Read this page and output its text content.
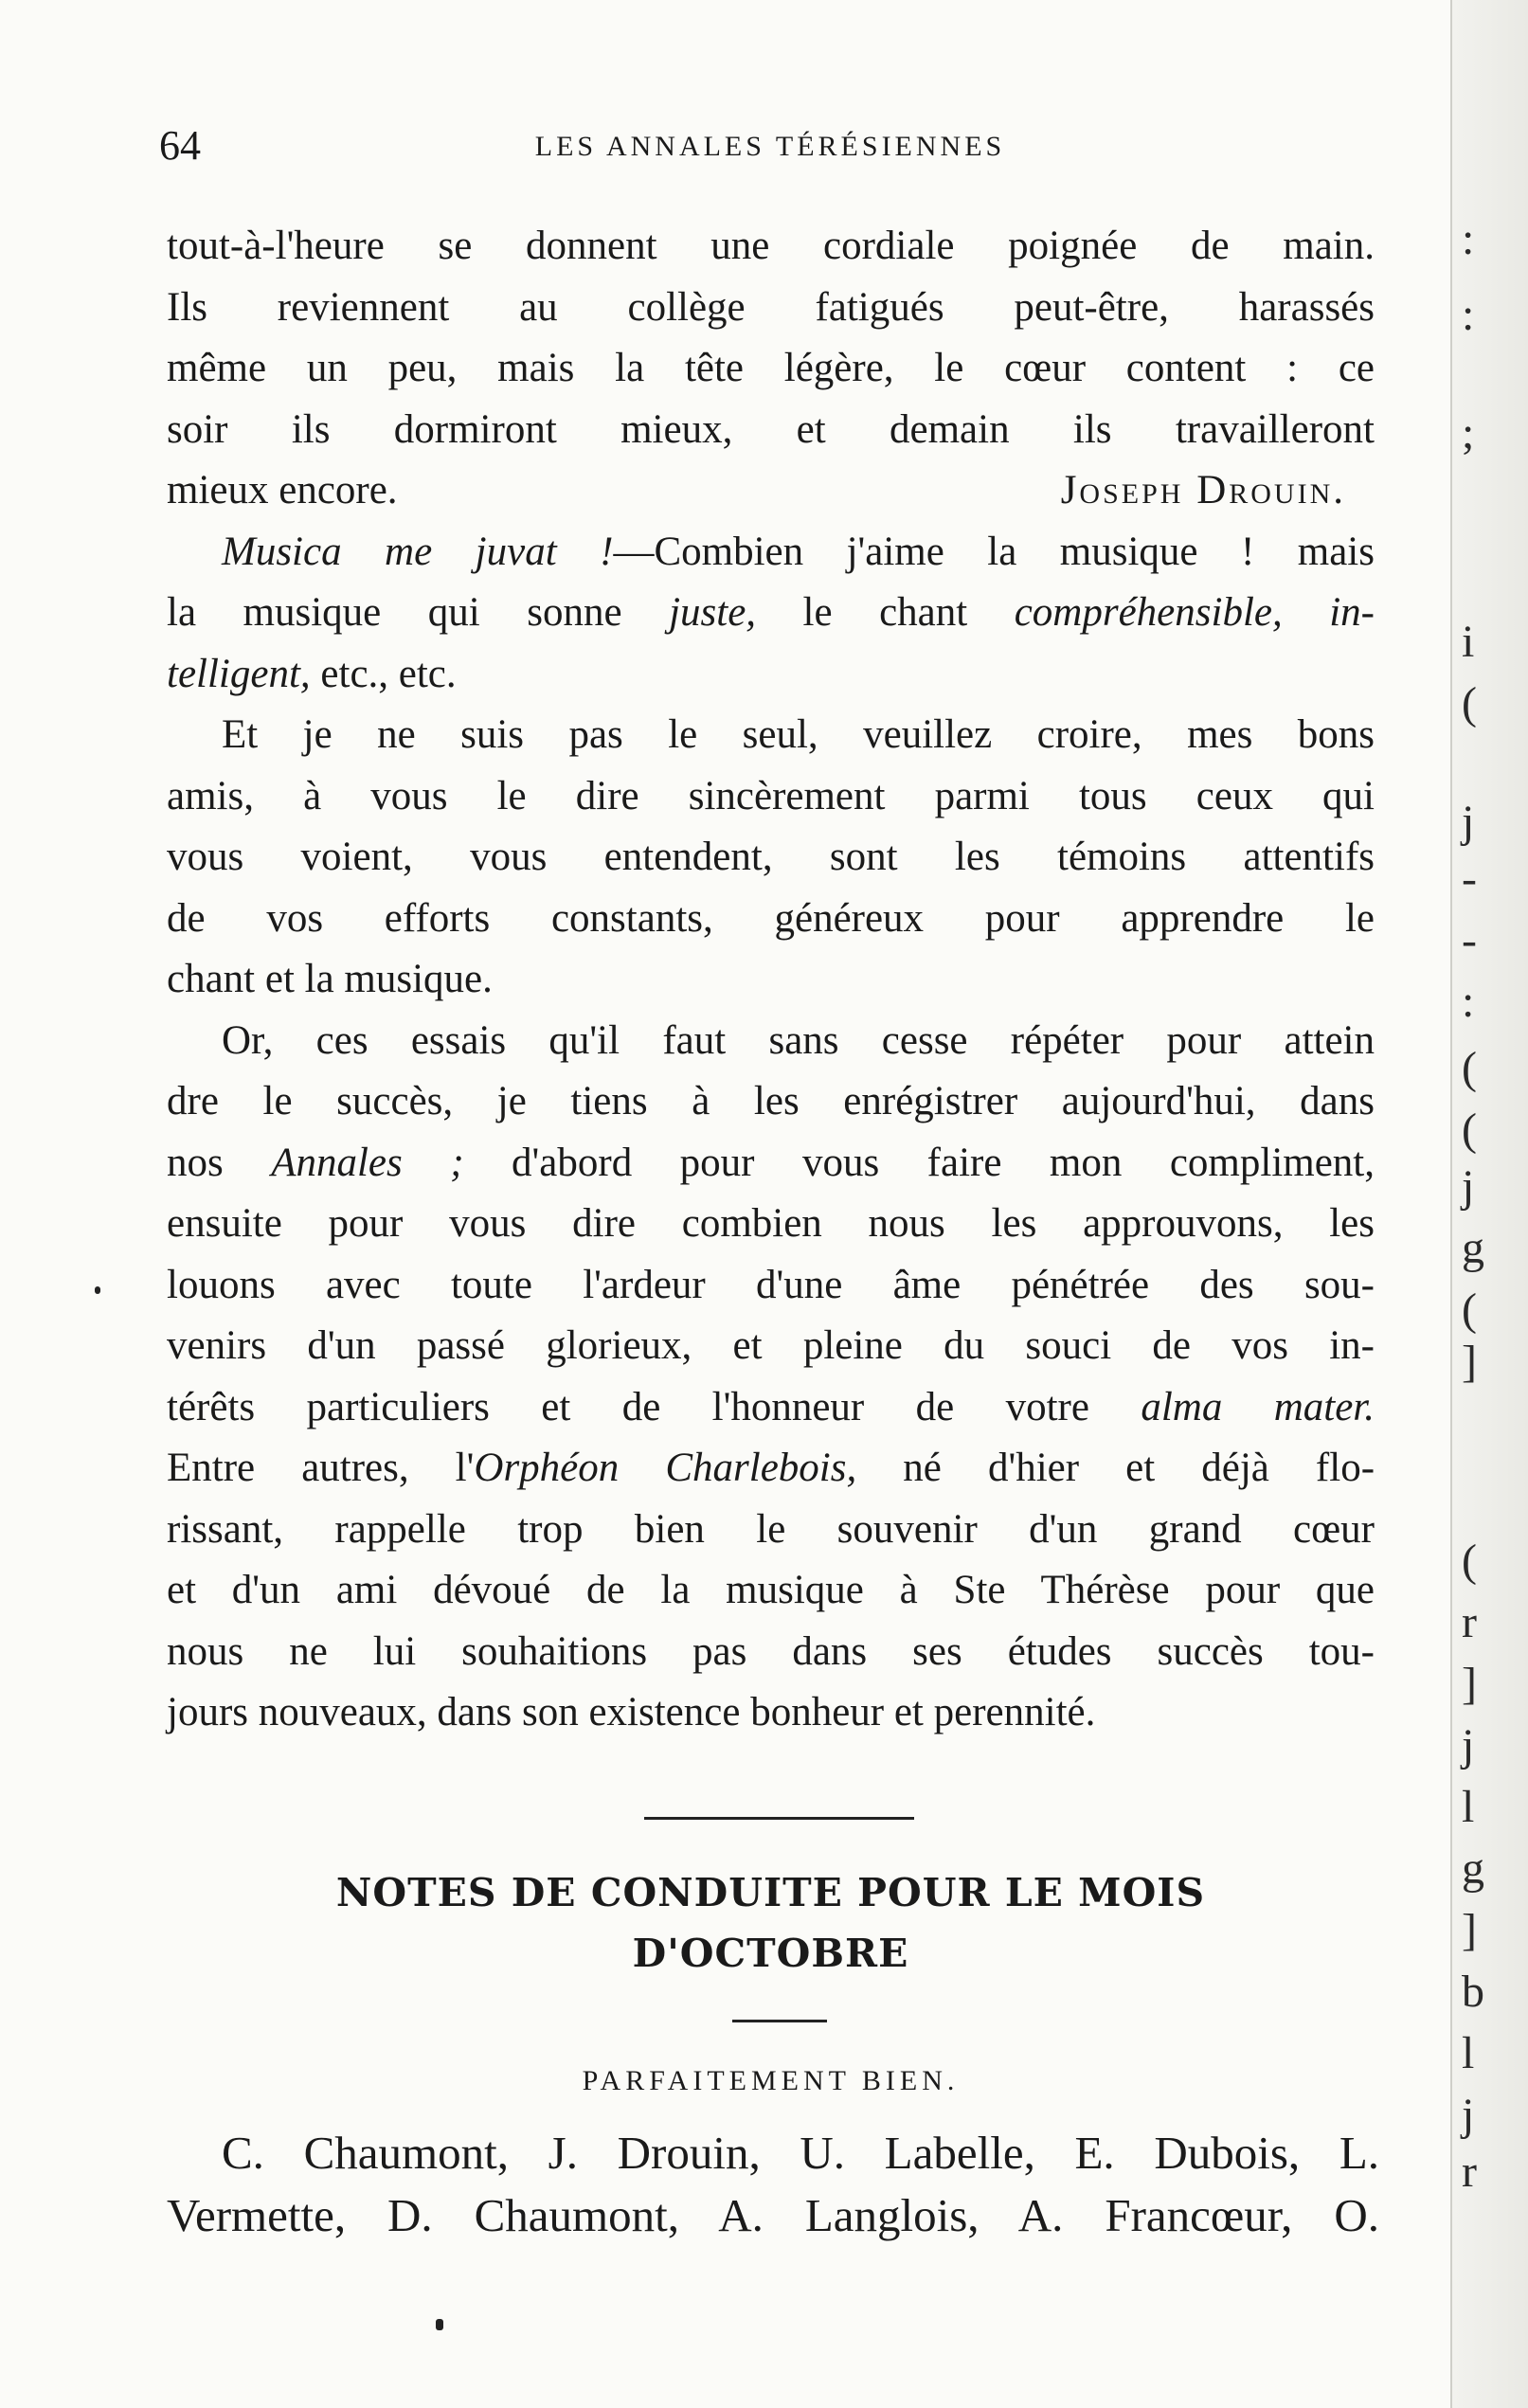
:
:
;
i
(
j
-
-
:
(
(
j
g
(
]
(
r
]
j
l
g
]
b
l
j
r
64	LES ANNALES TÉRÉSIENNES

tout-à-l'heure se donnent une cordiale poignée de main.

Ils reviennent au collège fatigués peut-être, harassés

même un peu, mais la tête légère, le cœur content : ce

soir ils dormiront mieux, et demain ils travailleront

mieux encore.	Joseph Drouin.

Musica me juvat !—Combien j'aime la musique ! mais

la musique qui sonne juste, le chant compréhensible, in-

telligent, etc., etc.

Et je ne suis pas le seul, veuillez croire, mes bons

amis, à vous le dire sincèrement parmi tous ceux qui

vous voient, vous entendent, sont les témoins attentifs

de vos efforts constants, généreux pour apprendre le

chant et la musique.

Or, ces essais qu'il faut sans cesse répéter pour attein

dre le succès, je tiens à les enrégistrer aujourd'hui, dans

nos Annales ; d'abord pour vous faire mon compliment,

ensuite pour vous dire combien nous les approuvons, les

louons avec toute l'ardeur d'une âme pénétrée des sou-

venirs d'un passé glorieux, et pleine du souci de vos in-

térêts particuliers et de l'honneur de votre alma mater.

Entre autres, l'Orphéon Charlebois, né d'hier et déjà flo-

rissant, rappelle trop bien le souvenir d'un grand cœur

et d'un ami dévoué de la musique à Ste Thérèse pour que

nous ne lui souhaitions pas dans ses études succès tou-

jours nouveaux, dans son existence bonheur et perennité.

NOTES DE CONDUITE POUR LE MOIS
D'OCTOBRE
PARFAITEMENT BIEN.

C. Chaumont, J. Drouin, U. Labelle, E. Dubois, L.

Vermette, D. Chaumont, A. Langlois, A. Francœur, O.
